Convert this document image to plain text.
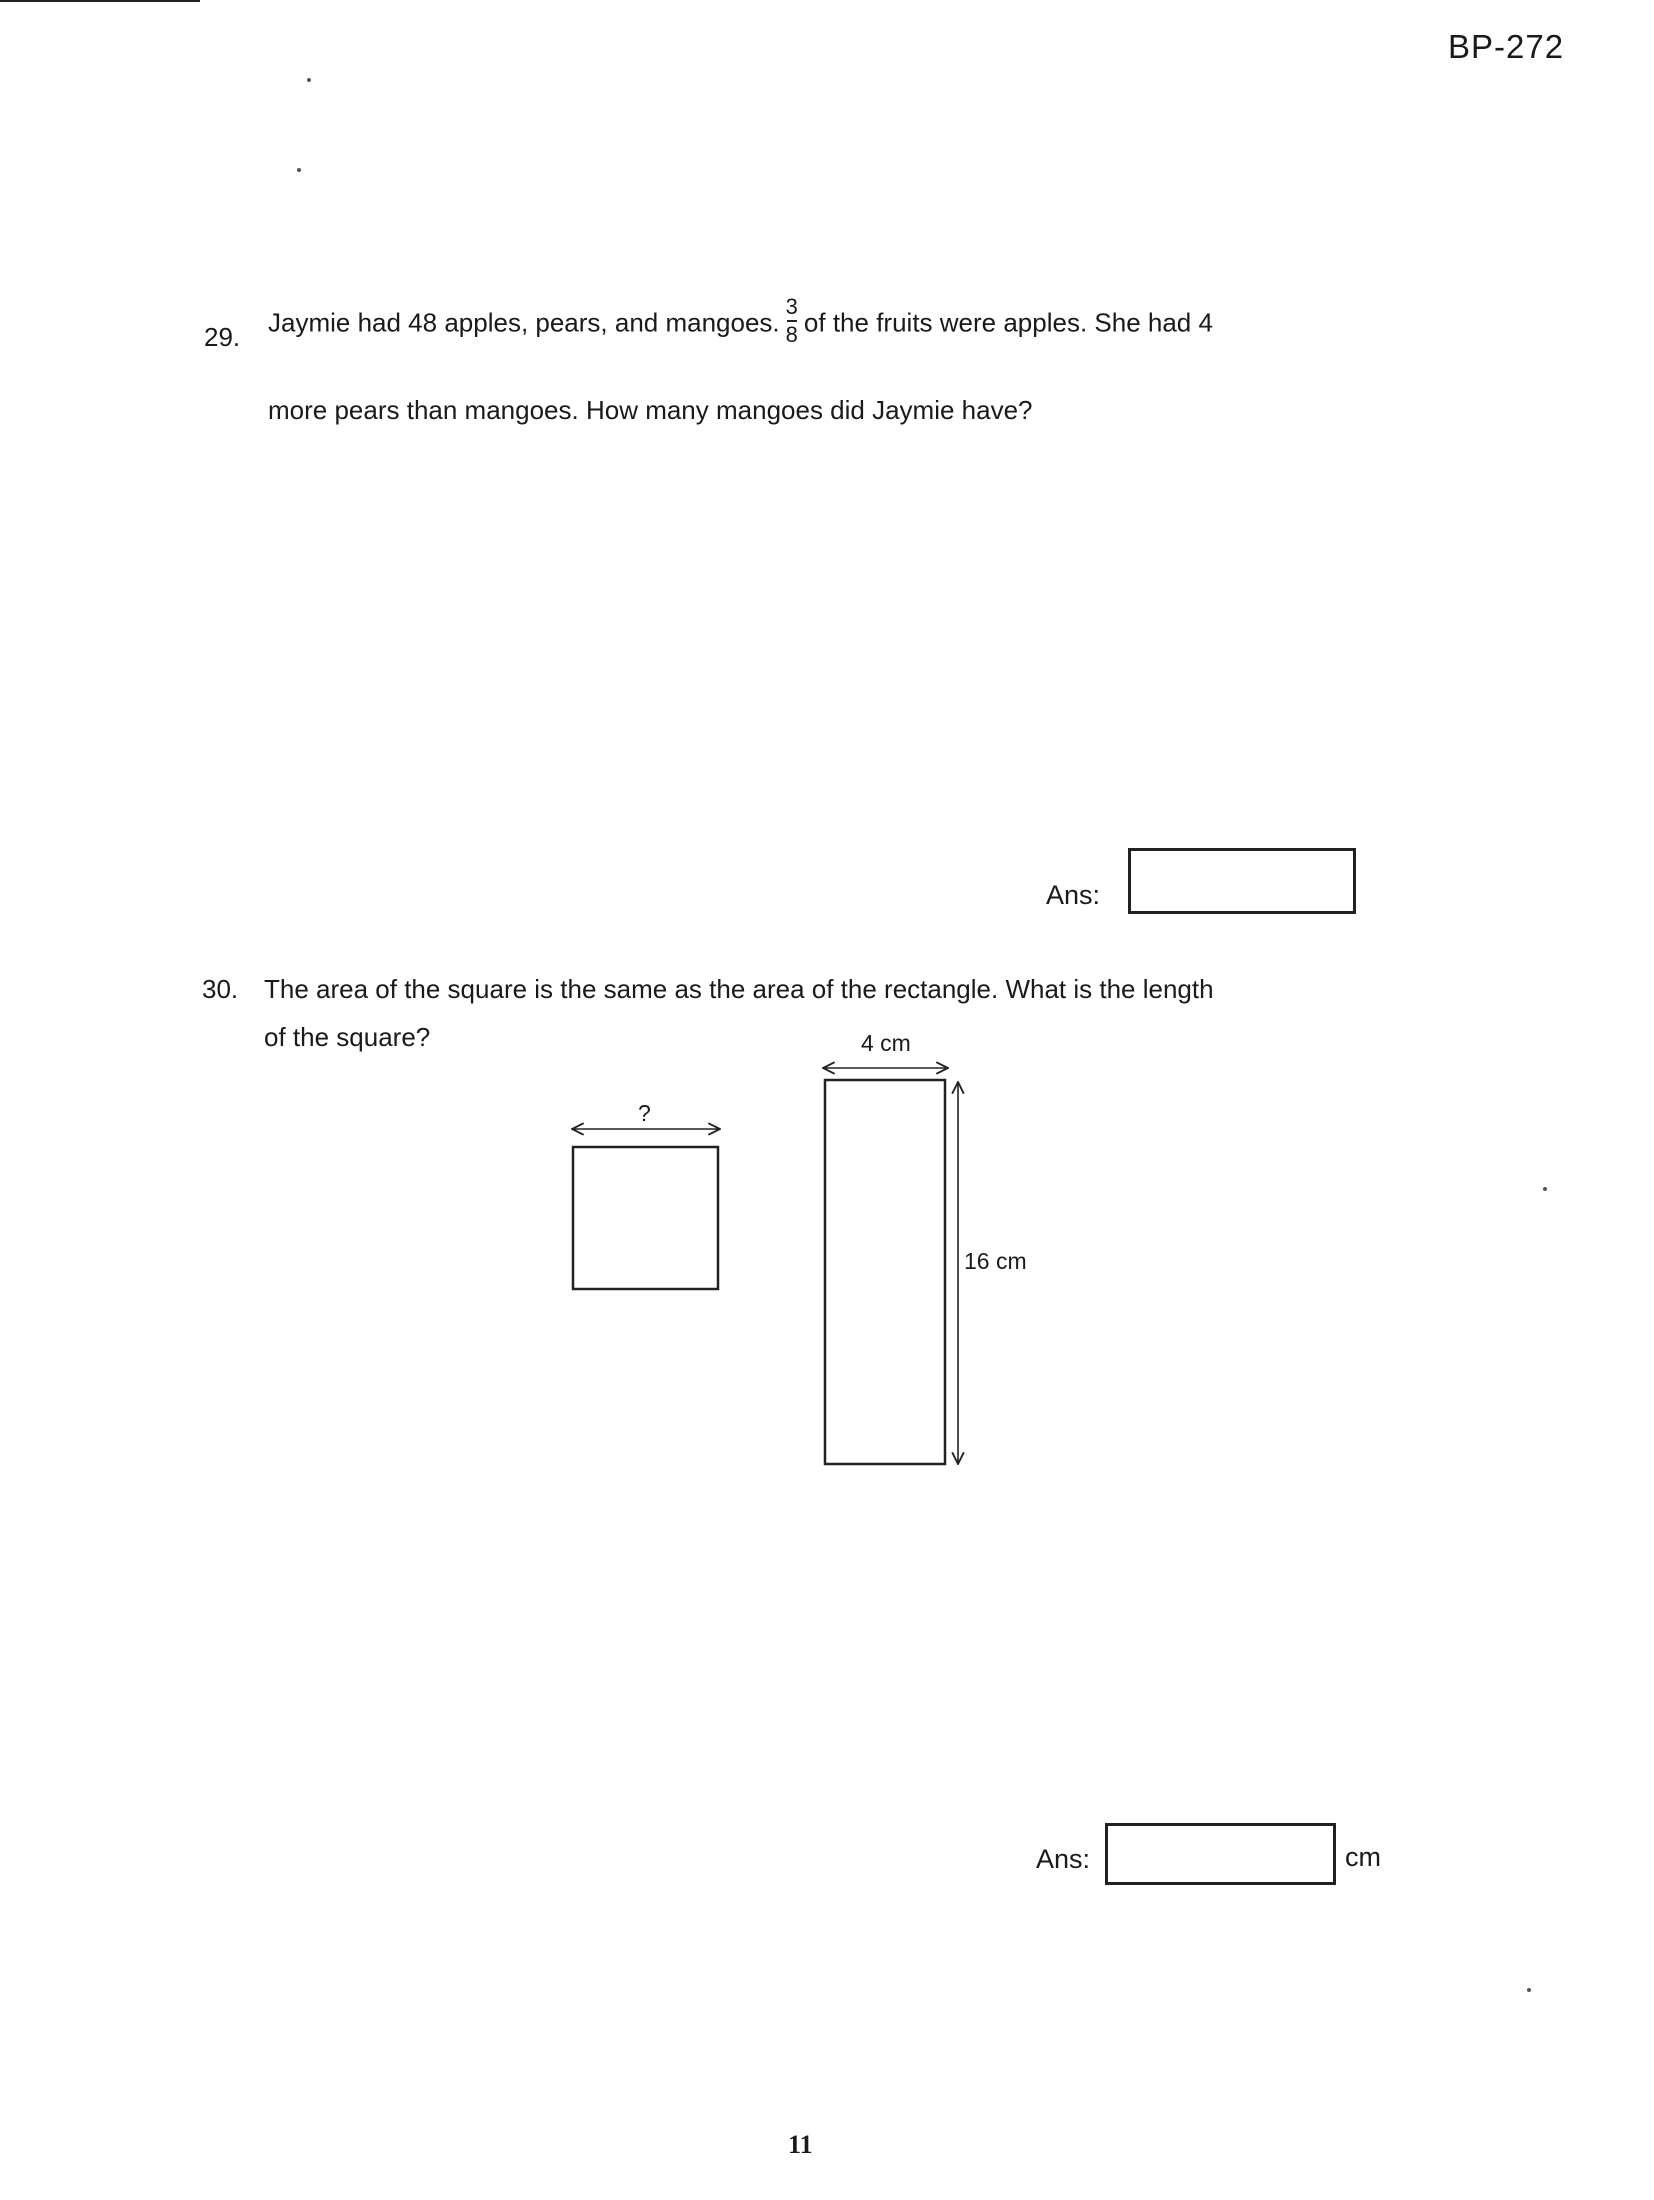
BP-272
29. Jaymie had 48 apples, pears, and mangoes. $\frac{3}{8}$ of the fruits were apples. She had 4
more pears than mangoes. How many mangoes did Jaymie have?
Ans:
30. The area of the square is the same as the area of the rectangle. What is the length
of the square?
?
4 cm
16 cm
Ans:	cm
11
